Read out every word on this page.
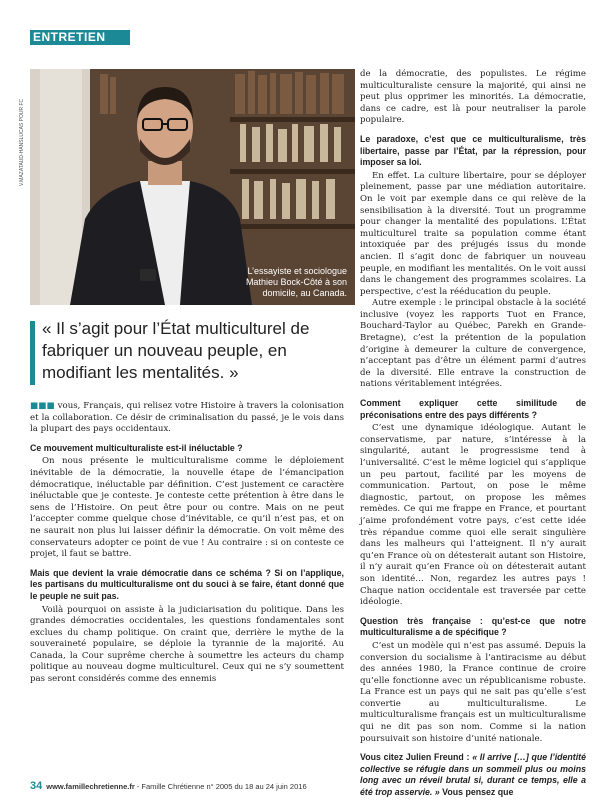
ENTRETIEN
L’essayiste et sociologue Mathieu Bock-Côté à son domicile, au Canada.
V.MAZATAUD-HANSLUCAS POUR FC
« Il s’agit pour l’État multiculturel de fabriquer un nouveau peuple, en modifiant les mentalités. »

■■■ vous, Français, qui relisez votre Histoire à travers la colonisation et la collaboration. Ce désir de criminalisation du passé, je le vois dans la plupart des pays occidentaux.

Ce mouvement multiculturaliste est-il inéluctable ?

On nous présente le multiculturalisme comme le déploiement inévitable de la démocratie, la nouvelle étape de l’émancipation démocratique, inéluctable par définition. C’est justement ce caractère inéluctable que je conteste. Je conteste cette prétention à être dans le sens de l’Histoire. On peut être pour ou contre. Mais on ne peut l’accepter comme quelque chose d’inévitable, ce qu’il n’est pas, et on ne saurait non plus lui laisser définir la démocratie. On voit même des conservateurs adopter ce point de vue ! Au contraire : si on conteste ce projet, il faut se battre.

Mais que devient la vraie démocratie dans ce schéma ? Si on l’applique, les partisans du multiculturalisme ont du souci à se faire, étant donné que le peuple ne suit pas.

Voilà pourquoi on assiste à la judiciarisation du politique. Dans les grandes démocraties occidentales, les questions fondamentales sont exclues du champ politique. On craint que, derrière le mythe de la souveraineté populaire, se déploie la tyrannie de la majorité. Au Canada, la Cour suprême cherche à soumettre les acteurs du champ politique au nouveau dogme multiculturel. Ceux qui ne s’y soumettent pas seront considérés comme des ennemis

de la démocratie, des populistes. Le régime multiculturaliste censure la majorité, qui ainsi ne peut plus opprimer les minorités. La démocratie, dans ce cadre, est là pour neutraliser la parole populaire.

Le paradoxe, c’est que ce multiculturalisme, très libertaire, passe par l’État, par la répression, pour imposer sa loi.

En effet. La culture libertaire, pour se déployer pleinement, passe par une médiation autoritaire. On le voit par exemple dans ce qui relève de la sensibilisation à la diversité. Tout un programme pour changer la mentalité des populations. L’État multiculturel traite sa population comme étant intoxiquée par des préjugés issus du monde ancien. Il s’agit donc de fabriquer un nouveau peuple, en modifiant les mentalités. On le voit aussi dans le changement des programmes scolaires. La perspective, c’est la rééducation du peuple.

Autre exemple : le principal obstacle à la société inclusive (voyez les rapports Tuot en France, Bouchard-Taylor au Québec, Parekh en Grande-Bretagne), c’est la prétention de la population d’origine à demeurer la culture de convergence, n’acceptant pas d’être un élément parmi d’autres de la diversité. Elle entrave la construction de nations véritablement intégrées.

Comment expliquer cette similitude de préconisations entre des pays différents ?

C’est une dynamique idéologique. Autant le conservatisme, par nature, s’intéresse à la singularité, autant le progressisme tend à l’universalité. C’est le même logiciel qui s’applique un peu partout, facilité par les moyens de communication. Partout, on pose le même diagnostic, partout, on propose les mêmes remèdes. Ce qui me frappe en France, et pourtant j’aime profondément votre pays, c’est cette idée très répandue comme quoi elle serait singulière dans les malheurs qui l’atteignent. Il n’y aurait qu’en France où on détesterait autant son Histoire, il n’y aurait qu’en France où on détesterait autant son identité… Non, regardez les autres pays ! Chaque nation occidentale est traversée par cette idéologie.

Question très française : qu’est-ce que notre multiculturalisme a de spécifique ?

C’est un modèle qui n’est pas assumé. Depuis la conversion du socialisme à l’antiracisme au début des années 1980, la France continue de croire qu’elle fonctionne avec un républicanisme robuste. La France est un pays qui ne sait pas qu’elle s’est convertie au multiculturalisme. Le multiculturalisme français est un multiculturalisme qui ne dit pas son nom. Comme si la nation poursuivait son histoire d’unité nationale.

Vous citez Julien Freund : « Il arrive […] que l’identité collective se réfugie dans un sommeil plus ou moins long avec un réveil brutal si, durant ce temps, elle a été trop asservie. » Vous pensez que

34 www.famillechretienne.fr - Famille Chrétienne n° 2005 du 18 au 24 juin 2016
